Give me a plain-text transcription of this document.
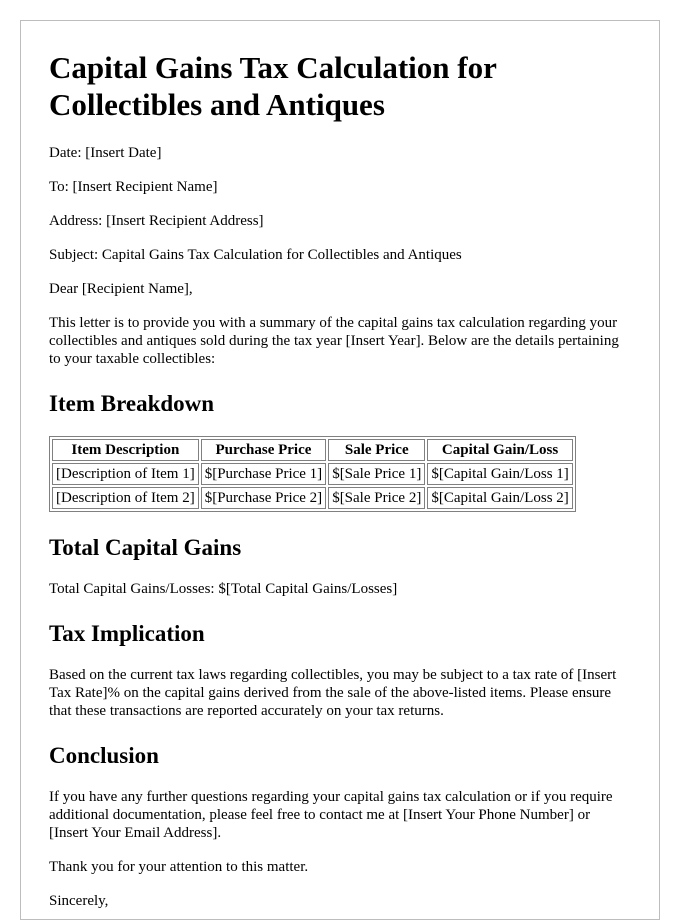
Capital Gains Tax Calculation for Collectibles and Antiques

Date: [Insert Date]

To: [Insert Recipient Name]

Address: [Insert Recipient Address]

Subject: Capital Gains Tax Calculation for Collectibles and Antiques

Dear [Recipient Name],

This letter is to provide you with a summary of the capital gains tax calculation regarding your collectibles and antiques sold during the tax year [Insert Year]. Below are the details pertaining to your taxable collectibles:

Item Breakdown
Item Description	Purchase Price	Sale Price	Capital Gain/Loss
[Description of Item 1]	$[Purchase Price 1]	$[Sale Price 1]	$[Capital Gain/Loss 1]
[Description of Item 2]	$[Purchase Price 2]	$[Sale Price 2]	$[Capital Gain/Loss 2]
Total Capital Gains

Total Capital Gains/Losses: $[Total Capital Gains/Losses]

Tax Implication

Based on the current tax laws regarding collectibles, you may be subject to a tax rate of [Insert Tax Rate]% on the capital gains derived from the sale of the above-listed items. Please ensure that these transactions are reported accurately on your tax returns.

Conclusion

If you have any further questions regarding your capital gains tax calculation or if you require additional documentation, please feel free to contact me at [Insert Your Phone Number] or [Insert Your Email Address].

Thank you for your attention to this matter.

Sincerely,
